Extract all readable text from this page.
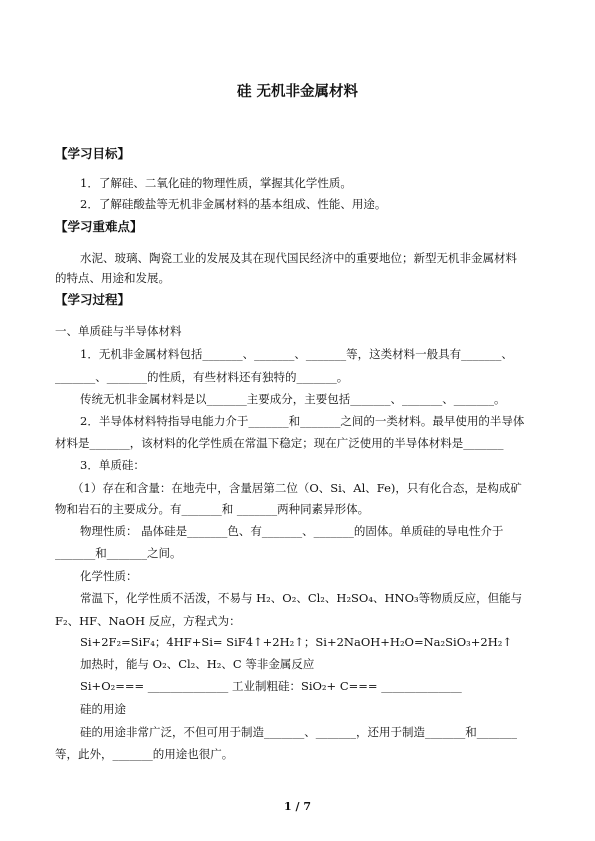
硅 无机非金属材料
【学习目标】
1．了解硅、二氧化硅的物理性质，掌握其化学性质。
2．了解硅酸盐等无机非金属材料的基本组成、性能、用途。
【学习重难点】
水泥、玻璃、陶瓷工业的发展及其在现代国民经济中的重要地位；新型无机非金属材料
的特点、用途和发展。
【学习过程】
一、单质硅与半导体材料
1．无机非金属材料包括_______、_______、_______等，这类材料一般具有_______、
_______、_______的性质，有些材料还有独特的_______。
传统无机非金属材料是以_______主要成分，主要包括_______、_______、_______。
2．半导体材料特指导电能力介于_______和_______之间的一类材料。最早使用的半导体
材料是_______，该材料的化学性质在常温下稳定；现在广泛使用的半导体材料是_______
3．单质硅：
（1）存在和含量：在地壳中，含量居第二位（O、Si、Al、Fe)，只有化合态，是构成矿
物和岩石的主要成分。有_______和 _______两种同素异形体。
物理性质： 晶体硅是_______色、有_______、_______的固体。单质硅的导电性介于
_______和_______之间。
化学性质：
常温下，化学性质不活泼，不易与 H₂、O₂、Cl₂、H₂SO₄、HNO₃等物质反应，但能与
F₂、HF、NaOH 反应，方程式为：
Si+2F₂=SiF₄；4HF+Si= SiF4↑+2H₂↑；Si+2NaOH+H₂O=Na₂SiO₃+2H₂↑
加热时，能与 O₂、Cl₂、H₂、C 等非金属反应
Si+O₂=== ______________ 工业制粗硅：SiO₂+ C=== ______________
硅的用途
硅的用途非常广泛，不但可用于制造_______、_______，还用于制造_______和_______
等，此外，_______的用途也很广。
1 / 7
